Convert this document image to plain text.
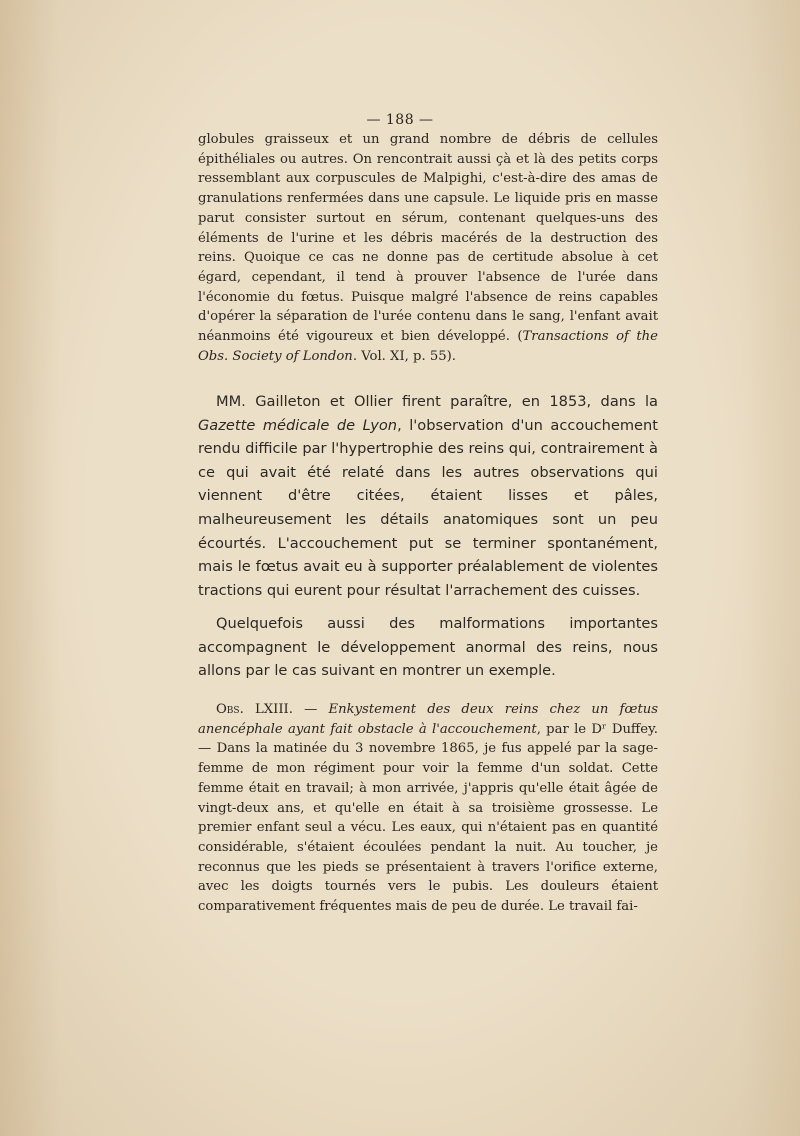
— 188 —
globules graisseux et un grand nombre de débris de cellules épithéliales ou autres. On rencontrait aussi çà et là des petits corps ressemblant aux corpuscules de Malpighi, c'est-à-dire des amas de granulations renfermées dans une capsule. Le liquide pris en masse parut consister surtout en sérum, contenant quelques-uns des éléments de l'urine et les débris macérés de la destruction des reins. Quoique ce cas ne donne pas de certitude absolue à cet égard, cependant, il tend à prouver l'absence de l'urée dans l'économie du fœtus. Puisque malgré l'absence de reins capables d'opérer la séparation de l'urée contenu dans le sang, l'enfant avait néanmoins été vigoureux et bien développé. (Transactions of the Obs. Society of London. Vol. XI, p. 55).
MM. Gailleton et Ollier firent paraître, en 1853, dans la Gazette médicale de Lyon, l'observation d'un accouchement rendu difficile par l'hypertrophie des reins qui, contrairement à ce qui avait été relaté dans les autres observations qui viennent d'être citées, étaient lisses et pâles, malheureusement les détails anatomiques sont un peu écourtés. L'accouchement put se terminer spontanément, mais le fœtus avait eu à supporter préalablement de violentes tractions qui eurent pour résultat l'arrachement des cuisses.
Quelquefois aussi des malformations importantes accompagnent le développement anormal des reins, nous allons par le cas suivant en montrer un exemple.
Obs. LXIII. — Enkystement des deux reins chez un fœtus anencéphale ayant fait obstacle à l'accouchement, par le Dʳ Duffey. — Dans la matinée du 3 novembre 1865, je fus appelé par la sage-femme de mon régiment pour voir la femme d'un soldat. Cette femme était en travail; à mon arrivée, j'appris qu'elle était âgée de vingt-deux ans, et qu'elle en était à sa troisième grossesse. Le premier enfant seul a vécu. Les eaux, qui n'étaient pas en quantité considérable, s'étaient écoulées pendant la nuit. Au toucher, je reconnus que les pieds se présentaient à travers l'orifice externe, avec les doigts tournés vers le pubis. Les douleurs étaient comparativement fréquentes mais de peu de durée. Le travail fai-
